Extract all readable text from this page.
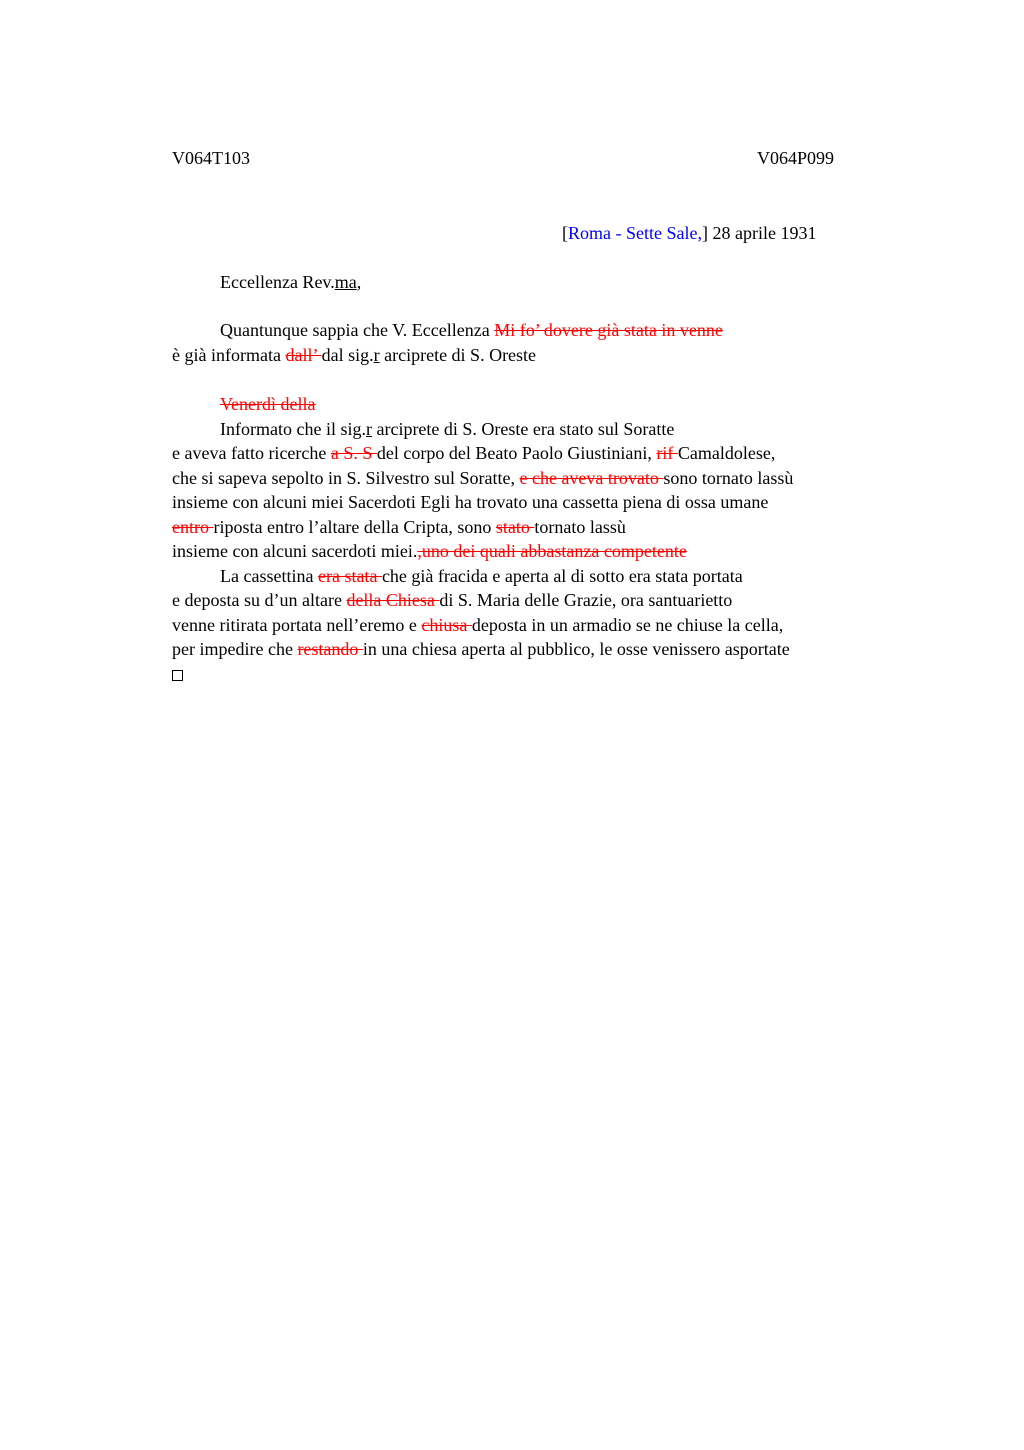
V064T103	V064P099
[Roma - Sette Sale,] 28 aprile 1931
Eccellenza Rev.ma,
Quantunque sappia che V. Eccellenza Mi fo’ dovere già stata in venne
è già informata dall’ dal sig.r arciprete di S. Oreste
Venerdì della
Informato che il sig.r arciprete di S. Oreste era stato sul Soratte
e aveva fatto ricerche a S. S del corpo del Beato Paolo Giustiniani, rif Camaldolese,
che si sapeva sepolto in S. Silvestro sul Soratte, e che aveva trovato sono tornato lassù
insieme con alcuni miei Sacerdoti Egli ha trovato una cassetta piena di ossa umane
entro riposta entro l’altare della Cripta, sono stato tornato lassù
insieme con alcuni sacerdoti miei.,uno dei quali abbastanza competente
La cassettina era stata che già fracida e aperta al di sotto era stata portata
e deposta su d’un altare della Chiesa di S. Maria delle Grazie, ora santuarietto
venne ritirata portata nell’eremo e chiusa deposta in un armadio se ne chiuse la cella,
per impedire che restando in una chiesa aperta al pubblico, le osse venissero asportate
